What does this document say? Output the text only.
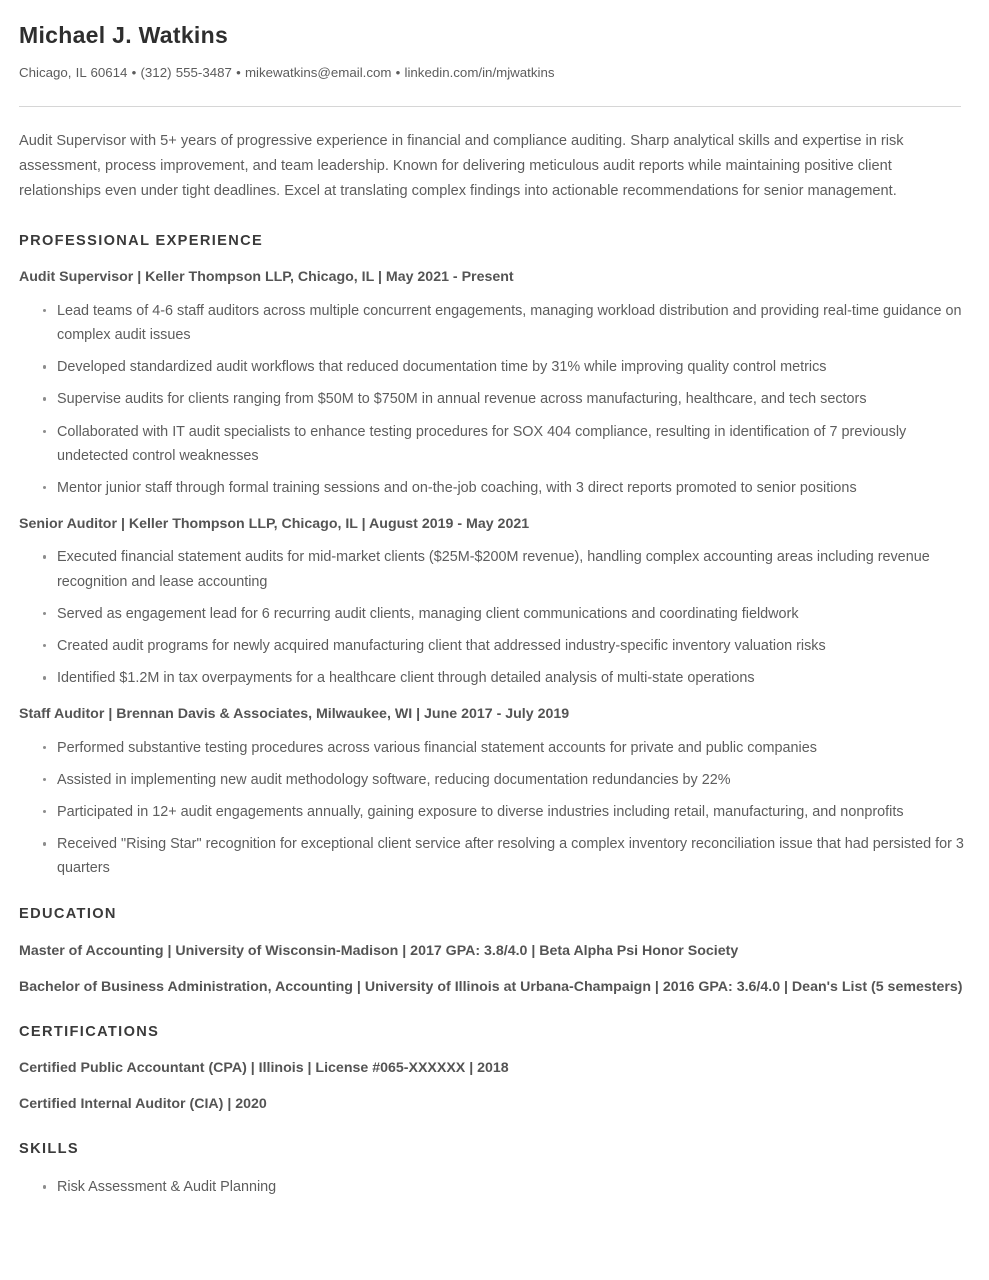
Michael J. Watkins
Chicago, IL 60614 • (312) 555-3487 • mikewatkins@email.com • linkedin.com/in/mjwatkins

Audit Supervisor with 5+ years of progressive experience in financial and compliance auditing. Sharp analytical skills and expertise in risk assessment, process improvement, and team leadership. Known for delivering meticulous audit reports while maintaining positive client relationships even under tight deadlines. Excel at translating complex findings into actionable recommendations for senior management.

PROFESSIONAL EXPERIENCE
Audit Supervisor | Keller Thompson LLP, Chicago, IL | May 2021 - Present
Lead teams of 4-6 staff auditors across multiple concurrent engagements, managing workload distribution and providing real-time guidance on complex audit issues
Developed standardized audit workflows that reduced documentation time by 31% while improving quality control metrics
Supervise audits for clients ranging from $50M to $750M in annual revenue across manufacturing, healthcare, and tech sectors
Collaborated with IT audit specialists to enhance testing procedures for SOX 404 compliance, resulting in identification of 7 previously undetected control weaknesses
Mentor junior staff through formal training sessions and on-the-job coaching, with 3 direct reports promoted to senior positions
Senior Auditor | Keller Thompson LLP, Chicago, IL | August 2019 - May 2021
Executed financial statement audits for mid-market clients ($25M-$200M revenue), handling complex accounting areas including revenue recognition and lease accounting
Served as engagement lead for 6 recurring audit clients, managing client communications and coordinating fieldwork
Created audit programs for newly acquired manufacturing client that addressed industry-specific inventory valuation risks
Identified $1.2M in tax overpayments for a healthcare client through detailed analysis of multi-state operations
Staff Auditor | Brennan Davis & Associates, Milwaukee, WI | June 2017 - July 2019
Performed substantive testing procedures across various financial statement accounts for private and public companies
Assisted in implementing new audit methodology software, reducing documentation redundancies by 22%
Participated in 12+ audit engagements annually, gaining exposure to diverse industries including retail, manufacturing, and nonprofits
Received "Rising Star" recognition for exceptional client service after resolving a complex inventory reconciliation issue that had persisted for 3 quarters
EDUCATION
Master of Accounting | University of Wisconsin-Madison | 2017 GPA: 3.8/4.0 | Beta Alpha Psi Honor Society
Bachelor of Business Administration, Accounting | University of Illinois at Urbana-Champaign | 2016 GPA: 3.6/4.0 | Dean's List (5 semesters)
CERTIFICATIONS
Certified Public Accountant (CPA) | Illinois | License #065-XXXXXX | 2018
Certified Internal Auditor (CIA) | 2020
SKILLS
Risk Assessment & Audit Planning
